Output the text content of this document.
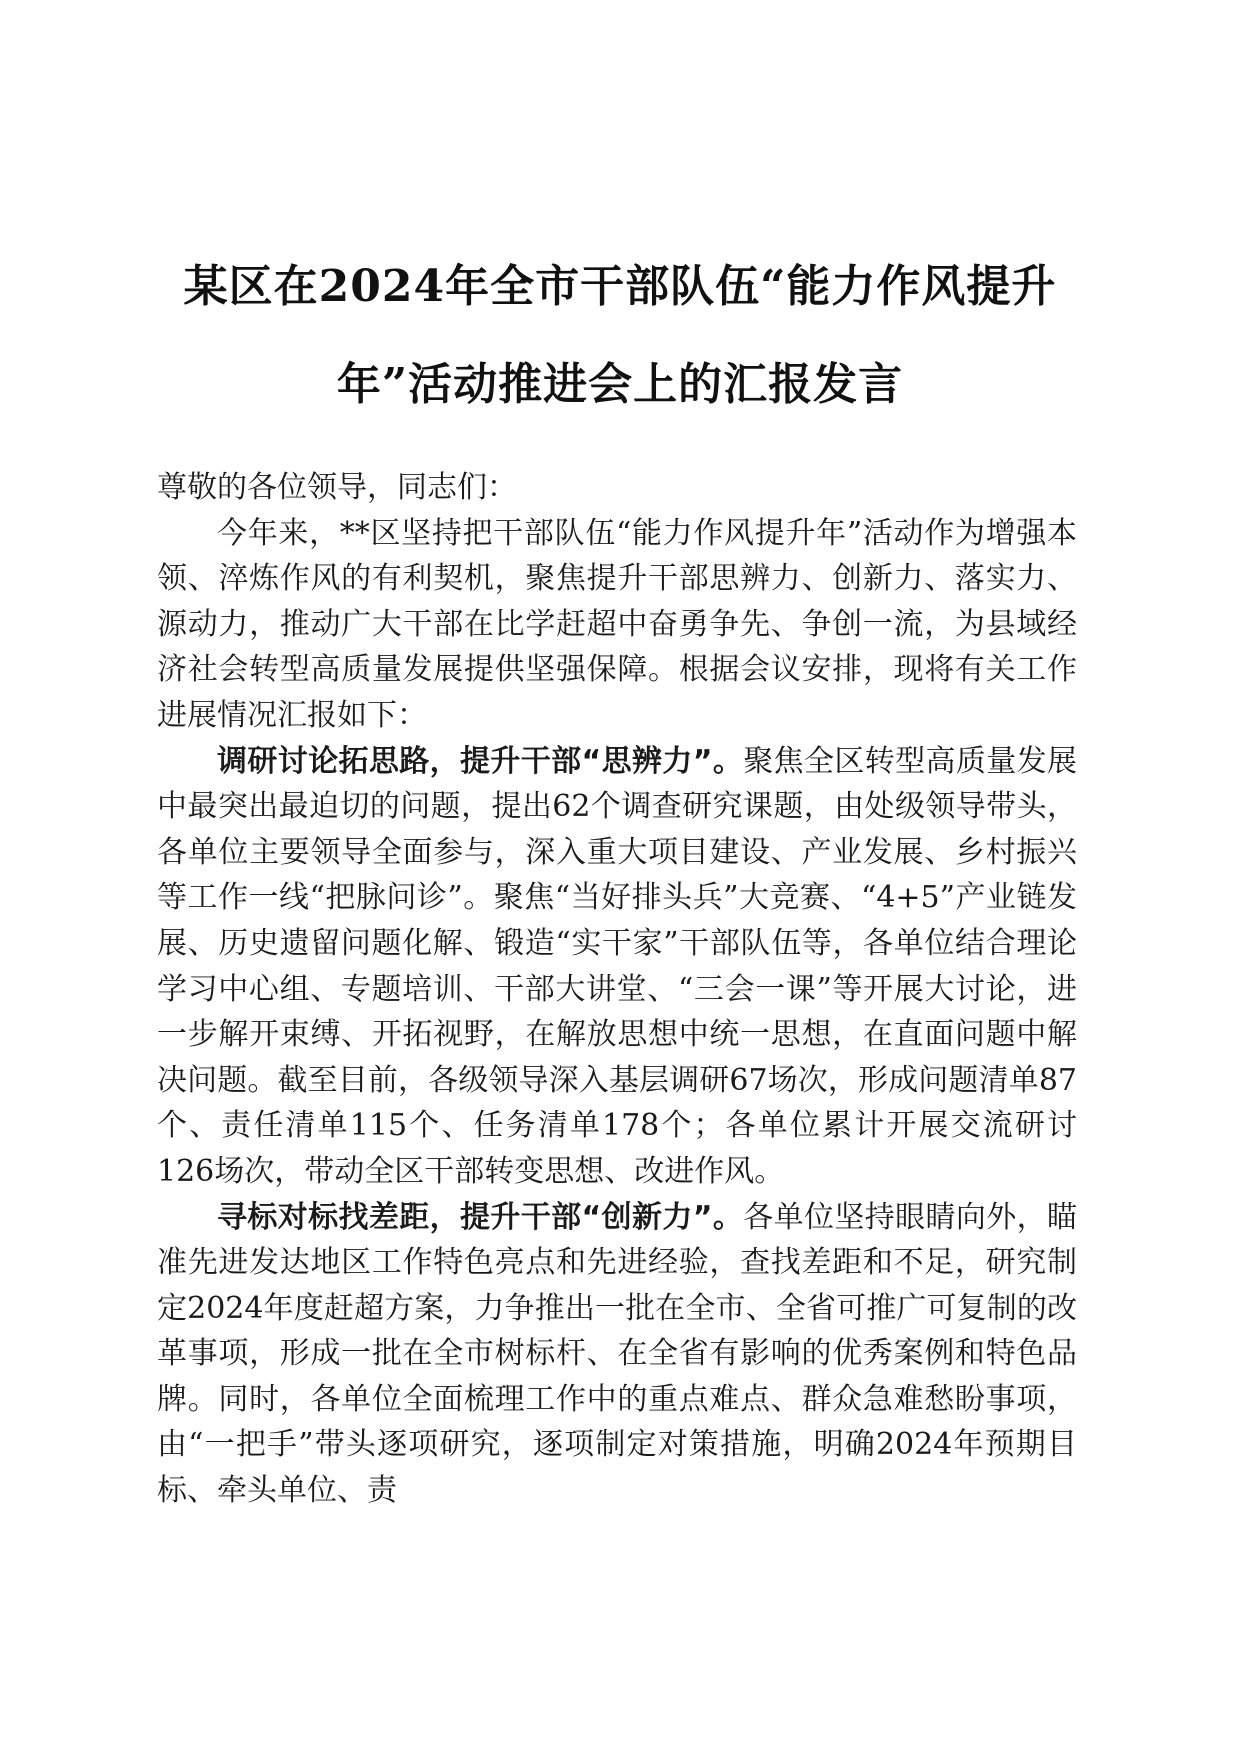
某区在2024年全市干部队伍“能力作风提升
年”活动推进会上的汇报发言

尊敬的各位领导，同志们：

今年来，**区坚持把干部队伍“能力作风提升年”活动作为增强本领、淬炼作风的有利契机，聚焦提升干部思辨力、创新力、落实力、源动力，推动广大干部在比学赶超中奋勇争先、争创一流，为县域经济社会转型高质量发展提供坚强保障。根据会议安排，现将有关工作进展情况汇报如下：

调研讨论拓思路，提升干部“思辨力”。聚焦全区转型高质量发展中最突出最迫切的问题，提出62个调查研究课题，由处级领导带头，各单位主要领导全面参与，深入重大项目建设、产业发展、乡村振兴等工作一线“把脉问诊”。聚焦“当好排头兵”大竞赛、“4+5”产业链发展、历史遗留问题化解、锻造“实干家”干部队伍等，各单位结合理论学习中心组、专题培训、干部大讲堂、“三会一课”等开展大讨论，进一步解开束缚、开拓视野，在解放思想中统一思想，在直面问题中解决问题。截至目前，各级领导深入基层调研67场次，形成问题清单87个、责任清单115个、任务清单178个；各单位累计开展交流研讨126场次，带动全区干部转变思想、改进作风。

寻标对标找差距，提升干部“创新力”。各单位坚持眼睛向外，瞄准先进发达地区工作特色亮点和先进经验，查找差距和不足，研究制定2024年度赶超方案，力争推出一批在全市、全省可推广可复制的改革事项，形成一批在全市树标杆、在全省有影响的优秀案例和特色品牌。同时，各单位全面梳理工作中的重点难点、群众急难愁盼事项，由“一把手”带头逐项研究，逐项制定对策措施，明确2024年预期目标、牵头单位、责
